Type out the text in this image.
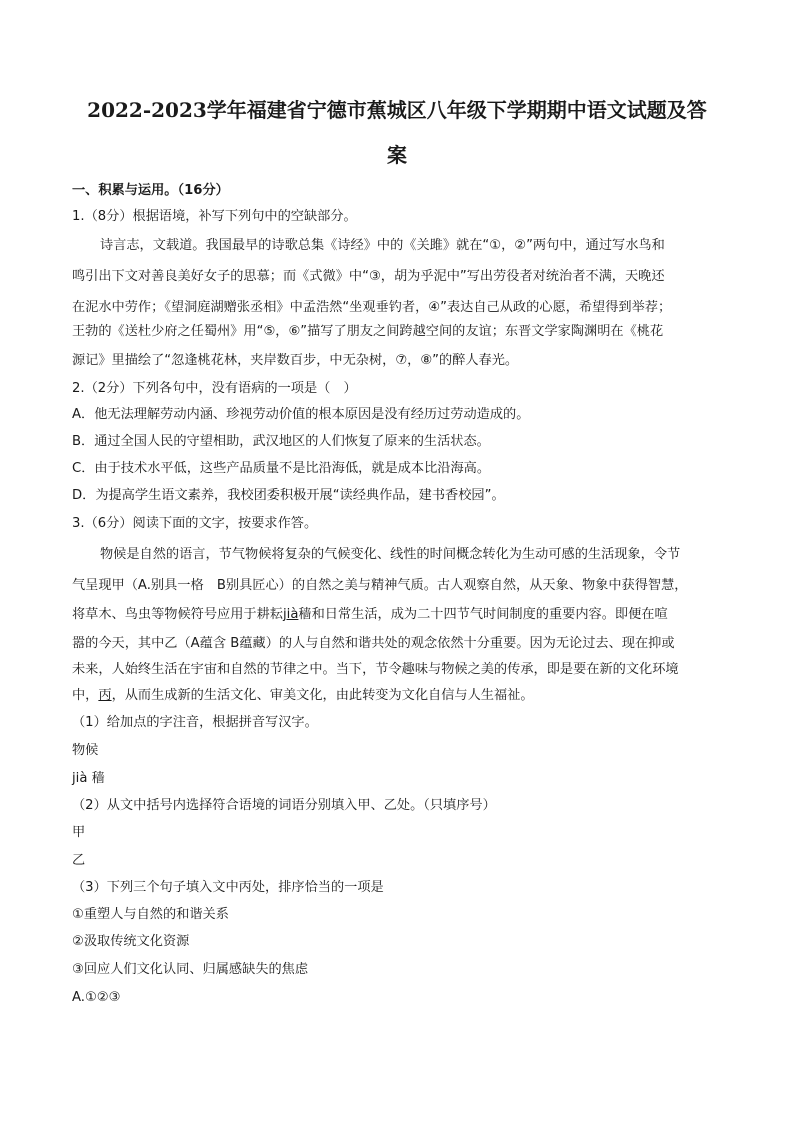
2022-2023学年福建省宁德市蕉城区八年级下学期期中语文试题及答
案
一、积累与运用。（16分）
1.（8分）根据语境，补写下列句中的空缺部分。
诗言志，文载道。我国最早的诗歌总集《诗经》中的《关雎》就在“①，②”两句中，通过写水鸟和
鸣引出下文对善良美好女子的思慕；而《式微》中“③，胡为乎泥中”写出劳役者对统治者不满，天晚还
在泥水中劳作；《望洞庭湖赠张丞相》中孟浩然“坐观垂钓者，④”表达自己从政的心愿，希望得到举荐；
王勃的《送杜少府之任蜀州》用“⑤，⑥”描写了朋友之间跨越空间的友谊；东晋文学家陶渊明在《桃花
源记》里描绘了“忽逢桃花林，夹岸数百步，中无杂树，⑦，⑧”的醉人春光。
2.（2分）下列各句中，没有语病的一项是（　）
A．他无法理解劳动内涵、珍视劳动价值的根本原因是没有经历过劳动造成的。
B．通过全国人民的守望相助，武汉地区的人们恢复了原来的生活状态。
C．由于技术水平低，这些产品质量不是比沿海低，就是成本比沿海高。
D．为提高学生语文素养，我校团委积极开展“读经典作品，建书香校园”。
3.（6分）阅读下面的文字，按要求作答。
物候是自然的语言，节气物候将复杂的气候变化、线性的时间概念转化为生动可感的生活现象，令节
气呈现甲（A.别具一格　B别具匠心）的自然之美与精神气质。古人观察自然，从天象、物象中获得智慧，
将草木、鸟虫等物候符号应用于耕耘jià穑和日常生活，成为二十四节气时间制度的重要内容。即便在喧
嚣的今天，其中乙（A蕴含 B蕴藏）的人与自然和谐共处的观念依然十分重要。因为无论过去、现在抑或
未来，人始终生活在宇宙和自然的节律之中。当下，节令趣味与物候之美的传承，即是要在新的文化环境
中，丙，从而生成新的生活文化、审美文化，由此转变为文化自信与人生福祉。
（1）给加点的字注音，根据拼音写汉字。
物候
jià 穑
（2）从文中括号内选择符合语境的词语分别填入甲、乙处。（只填序号）
甲
乙
（3）下列三个句子填入文中丙处，排序恰当的一项是
①重塑人与自然的和谐关系
②汲取传统文化资源
③回应人们文化认同、归属感缺失的焦虑
A.①②③
